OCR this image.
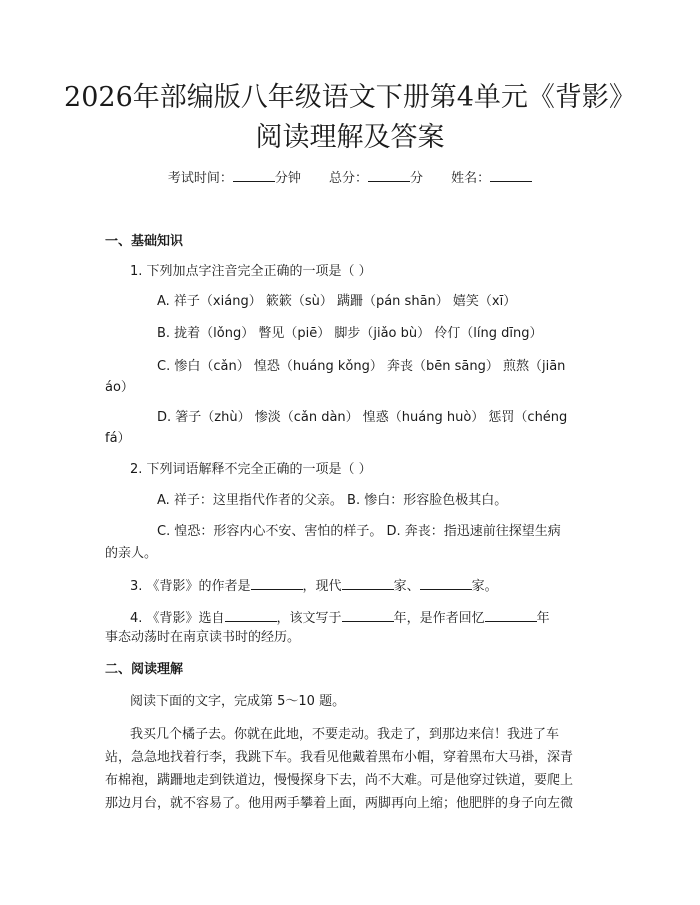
2026年部编版八年级语文下册第4单元《背影》阅读理解及答案
考试时间：	分钟 总分：	分 姓名：
一、基础知识
1. 下列加点字注音完全正确的一项是（ ）
A. 祥子（xiáng） 簌簌（sù） 蹒跚（pán shān） 嬉笑（xī）
B. 拢着（lǒng） 瞥见（piē） 脚步（jiǎo bù） 伶仃（líng dīng）
C. 惨白（cǎn） 惶恐（huáng kǒng） 奔丧（bēn sāng） 煎熬（jiān
áo）
D. 箸子（zhù） 惨淡（cǎn dàn） 惶惑（huáng huò） 惩罚（chéng
fá）
2. 下列词语解释不完全正确的一项是（ ）
A. 祥子：这里指代作者的父亲。 B. 惨白：形容脸色极其白。
C. 惶恐：形容内心不安、害怕的样子。 D. 奔丧：指迅速前往探望生病
的亲人。
3. 《背影》的作者是	，现代	家、	家。
4. 《背影》选自	，该文写于	年，是作者回忆	年
事态动荡时在南京读书时的经历。
二、阅读理解
阅读下面的文字，完成第 5～10 题。
我买几个橘子去。你就在此地，不要走动。我走了，到那边来信！我进了车
站，急急地找着行李，我跳下车。我看见他戴着黑布小帽，穿着黑布大马褂，深青
布棉袍，蹒跚地走到铁道边，慢慢探身下去，尚不大难。可是他穿过铁道，要爬上
那边月台，就不容易了。他用两手攀着上面，两脚再向上缩；他肥胖的身子向左微
